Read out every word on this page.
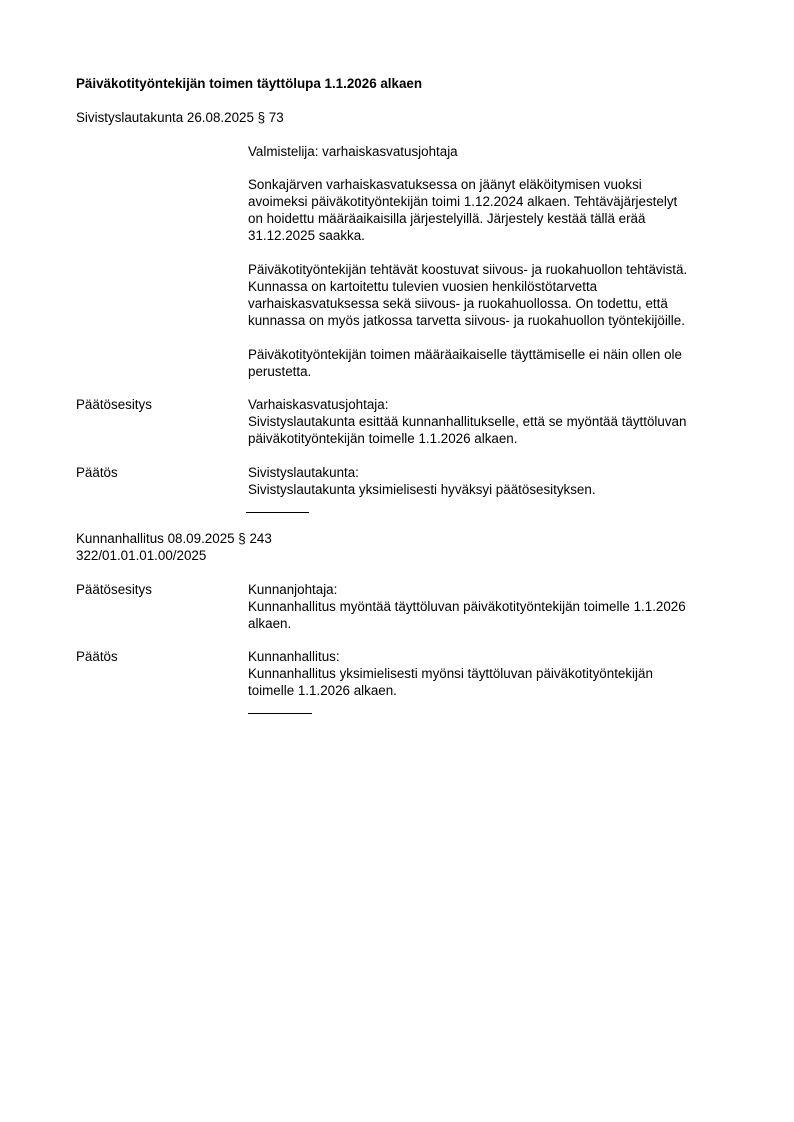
Päiväkotityöntekijän toimen täyttölupa 1.1.2026 alkaen
Sivistyslautakunta 26.08.2025 § 73
Valmistelija: varhaiskasvatusjohtaja
Sonkajärven varhaiskasvatuksessa on jäänyt eläköitymisen vuoksi
avoimeksi päiväkotityöntekijän toimi 1.12.2024 alkaen. Tehtäväjärjestelyt
on hoidettu määräaikaisilla järjestelyillä. Järjestely kestää tällä erää
31.12.2025 saakka.
Päiväkotityöntekijän tehtävät koostuvat siivous- ja ruokahuollon tehtävistä.
Kunnassa on kartoitettu tulevien vuosien henkilöstötarvetta
varhaiskasvatuksessa sekä siivous- ja ruokahuollossa. On todettu, että
kunnassa on myös jatkossa tarvetta siivous- ja ruokahuollon työntekijöille.
Päiväkotityöntekijän toimen määräaikaiselle täyttämiselle ei näin ollen ole
perustetta.
Päätösesitys	Varhaiskasvatusjohtaja:
Sivistyslautakunta esittää kunnanhallitukselle, että se myöntää täyttöluvan
päiväkotityöntekijän toimelle 1.1.2026 alkaen.
Päätös	Sivistyslautakunta:
Sivistyslautakunta yksimielisesti hyväksyi päätösesityksen.
Kunnanhallitus 08.09.2025 § 243
322/01.01.01.00/2025
Päätösesitys	Kunnanjohtaja:
Kunnanhallitus myöntää täyttöluvan päiväkotityöntekijän toimelle 1.1.2026
alkaen.
Päätös	Kunnanhallitus:
Kunnanhallitus yksimielisesti myönsi täyttöluvan päiväkotityöntekijän
toimelle 1.1.2026 alkaen.
